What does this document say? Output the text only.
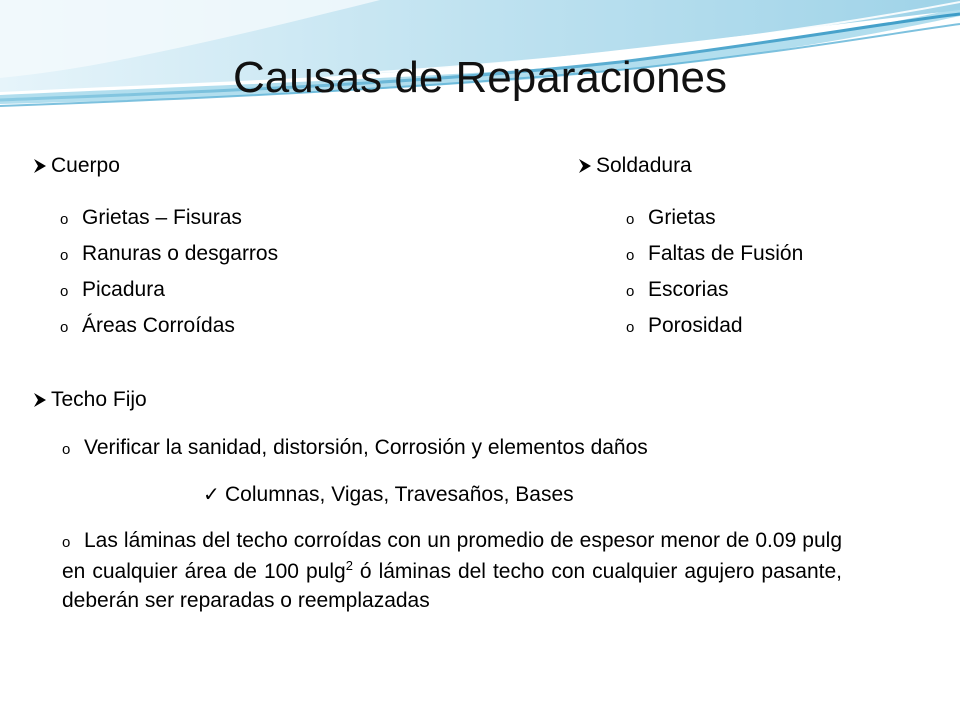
Causas de Reparaciones
Cuerpo
o Grietas – Fisuras
o Ranuras o desgarros
o Picadura
o Áreas Corroídas
Soldadura
o Grietas
o Faltas de Fusión
o Escorias
o Porosidad
Techo Fijo
o Verificar la sanidad, distorsión, Corrosión y elementos daños
✓ Columnas, Vigas, Travesaños, Bases
o Las láminas del techo corroídas con un promedio de espesor menor de 0.09 pulg en cualquier área de 100 pulg$^2$ ó láminas del techo con cualquier agujero pasante, deberán ser reparadas o reemplazadas
